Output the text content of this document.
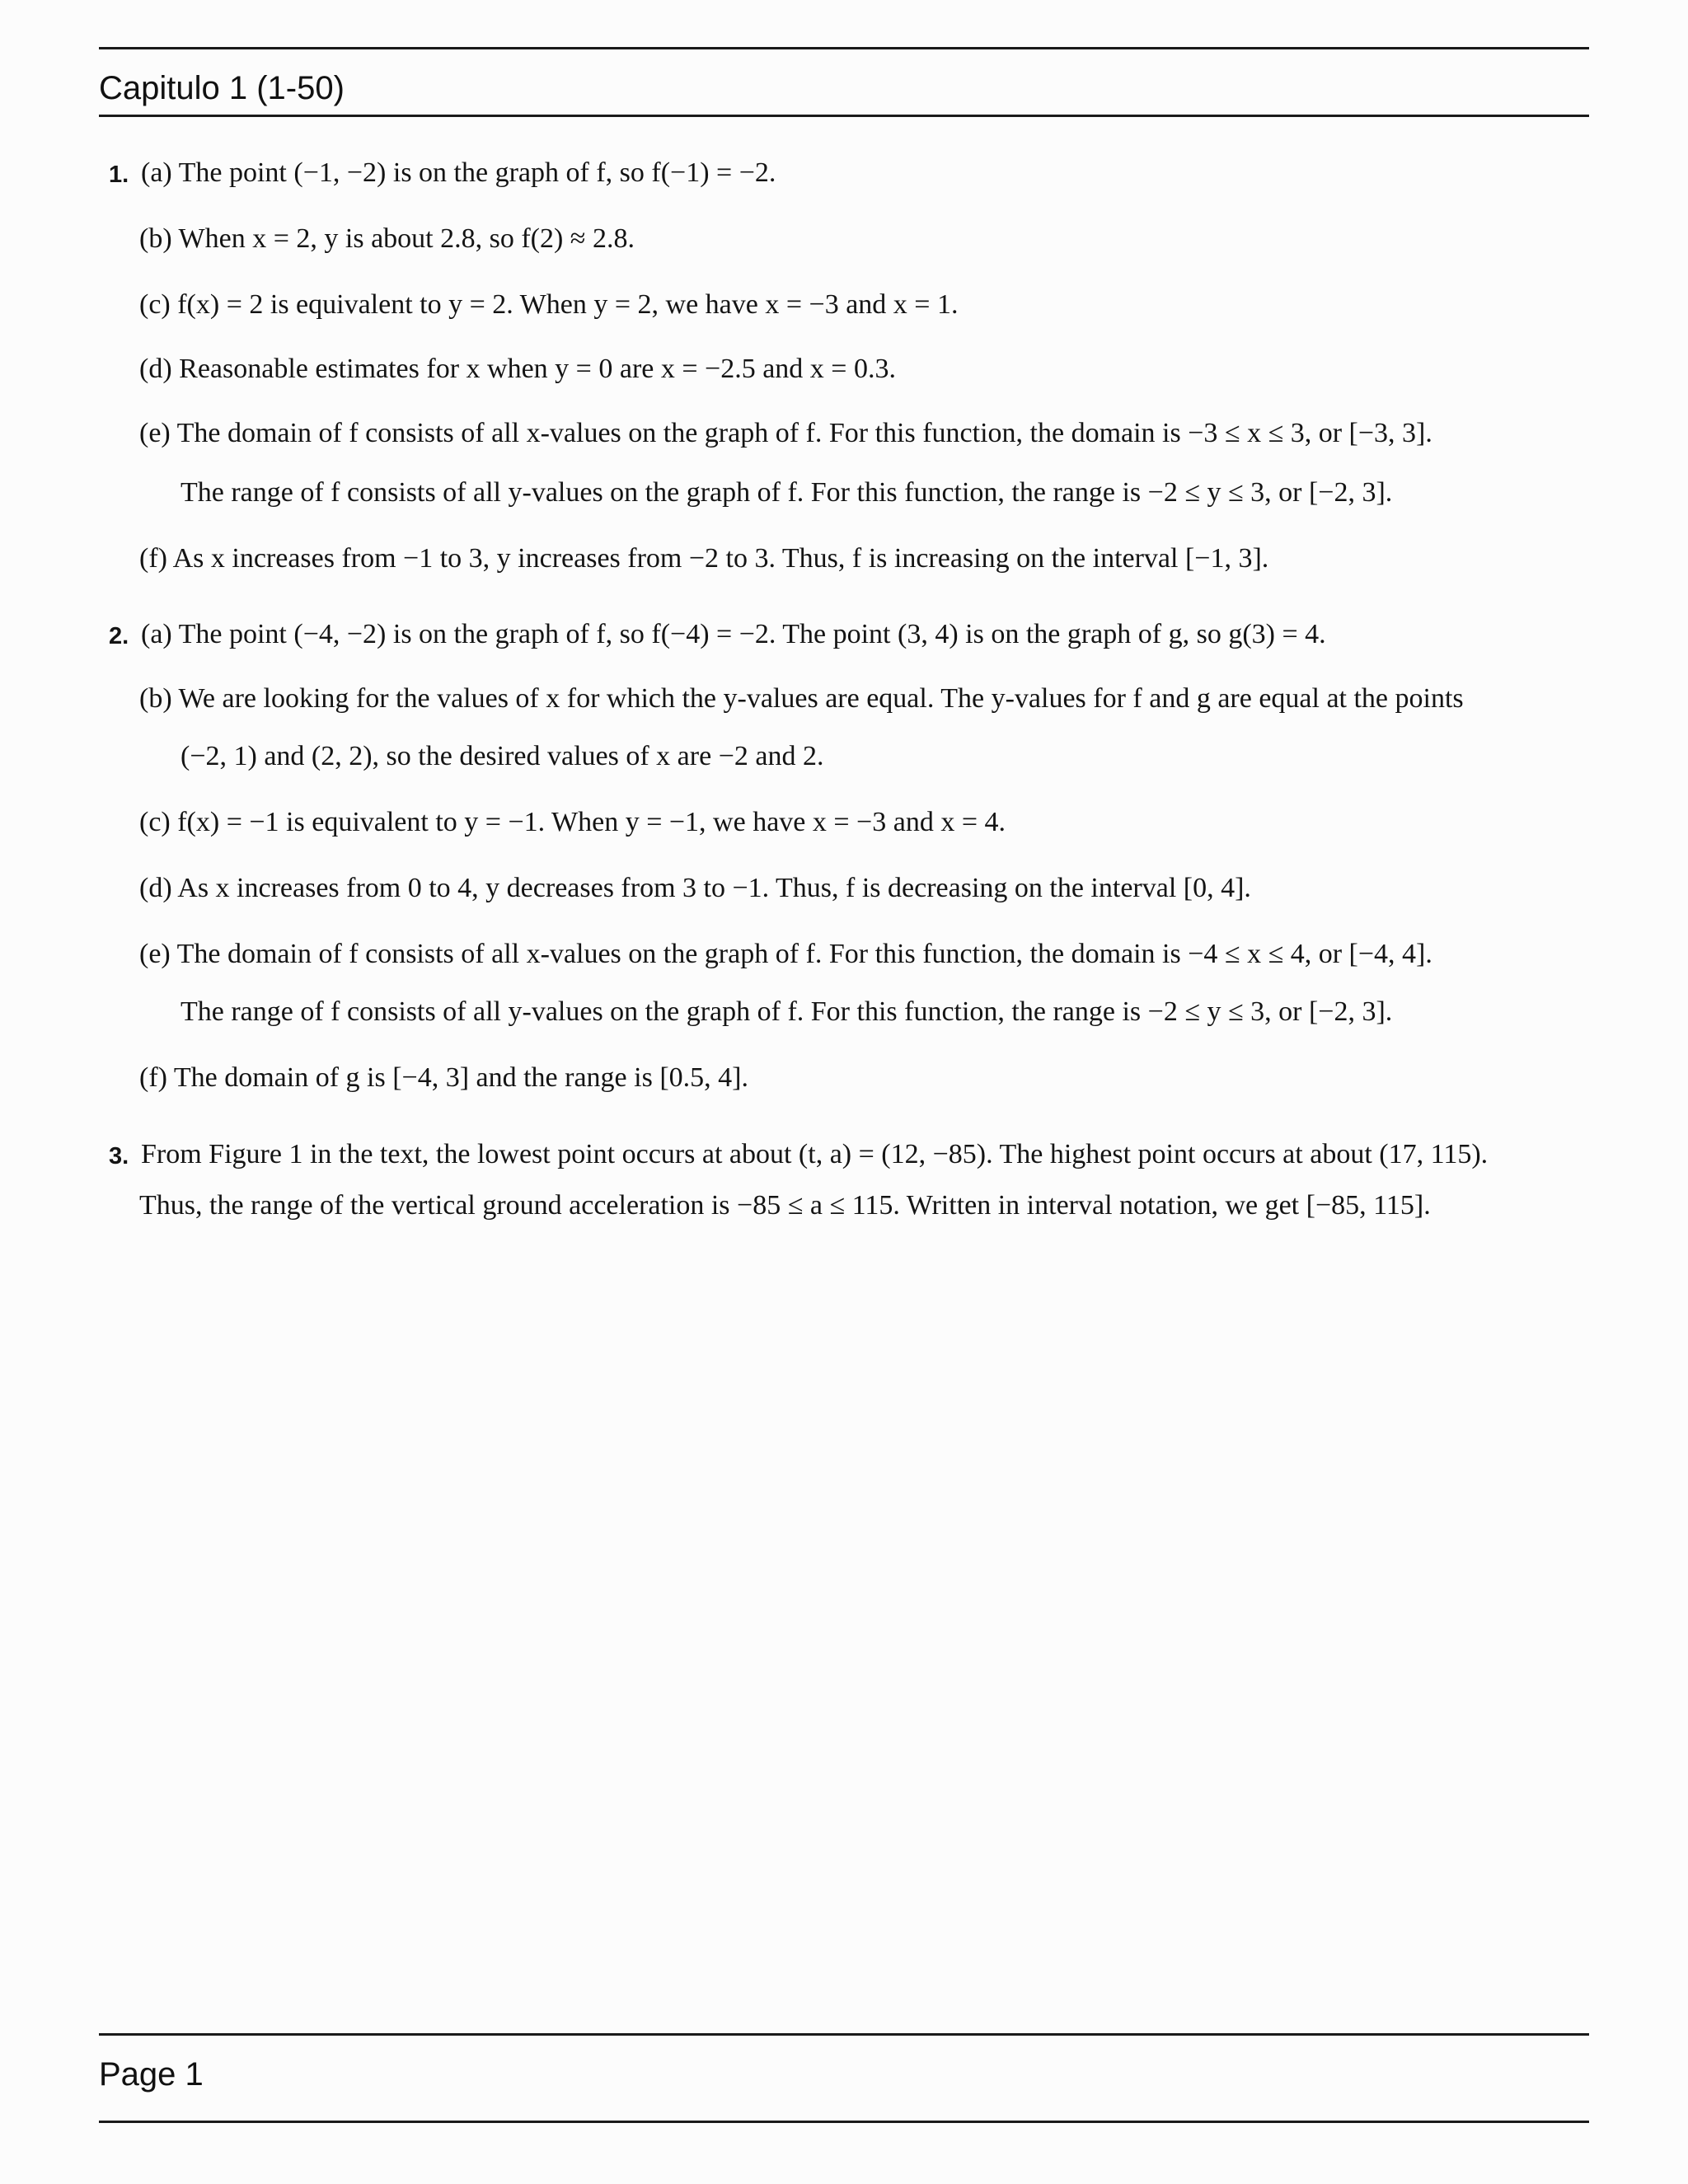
Capitulo 1 (1-50)
1. (a) The point (−1, −2) is on the graph of f, so f(−1) = −2.
(b) When x = 2, y is about 2.8, so f(2) ≈ 2.8.
(c) f(x) = 2 is equivalent to y = 2. When y = 2, we have x = −3 and x = 1.
(d) Reasonable estimates for x when y = 0 are x = −2.5 and x = 0.3.
(e) The domain of f consists of all x-values on the graph of f. For this function, the domain is −3 ≤ x ≤ 3, or [−3, 3].
The range of f consists of all y-values on the graph of f. For this function, the range is −2 ≤ y ≤ 3, or [−2, 3].
(f) As x increases from −1 to 3, y increases from −2 to 3. Thus, f is increasing on the interval [−1, 3].
2. (a) The point (−4, −2) is on the graph of f, so f(−4) = −2. The point (3, 4) is on the graph of g, so g(3) = 4.
(b) We are looking for the values of x for which the y-values are equal. The y-values for f and g are equal at the points
(−2, 1) and (2, 2), so the desired values of x are −2 and 2.
(c) f(x) = −1 is equivalent to y = −1. When y = −1, we have x = −3 and x = 4.
(d) As x increases from 0 to 4, y decreases from 3 to −1. Thus, f is decreasing on the interval [0, 4].
(e) The domain of f consists of all x-values on the graph of f. For this function, the domain is −4 ≤ x ≤ 4, or [−4, 4].
The range of f consists of all y-values on the graph of f. For this function, the range is −2 ≤ y ≤ 3, or [−2, 3].
(f) The domain of g is [−4, 3] and the range is [0.5, 4].
3. From Figure 1 in the text, the lowest point occurs at about (t, a) = (12, −85). The highest point occurs at about (17, 115).
Thus, the range of the vertical ground acceleration is −85 ≤ a ≤ 115. Written in interval notation, we get [−85, 115].
Page 1
